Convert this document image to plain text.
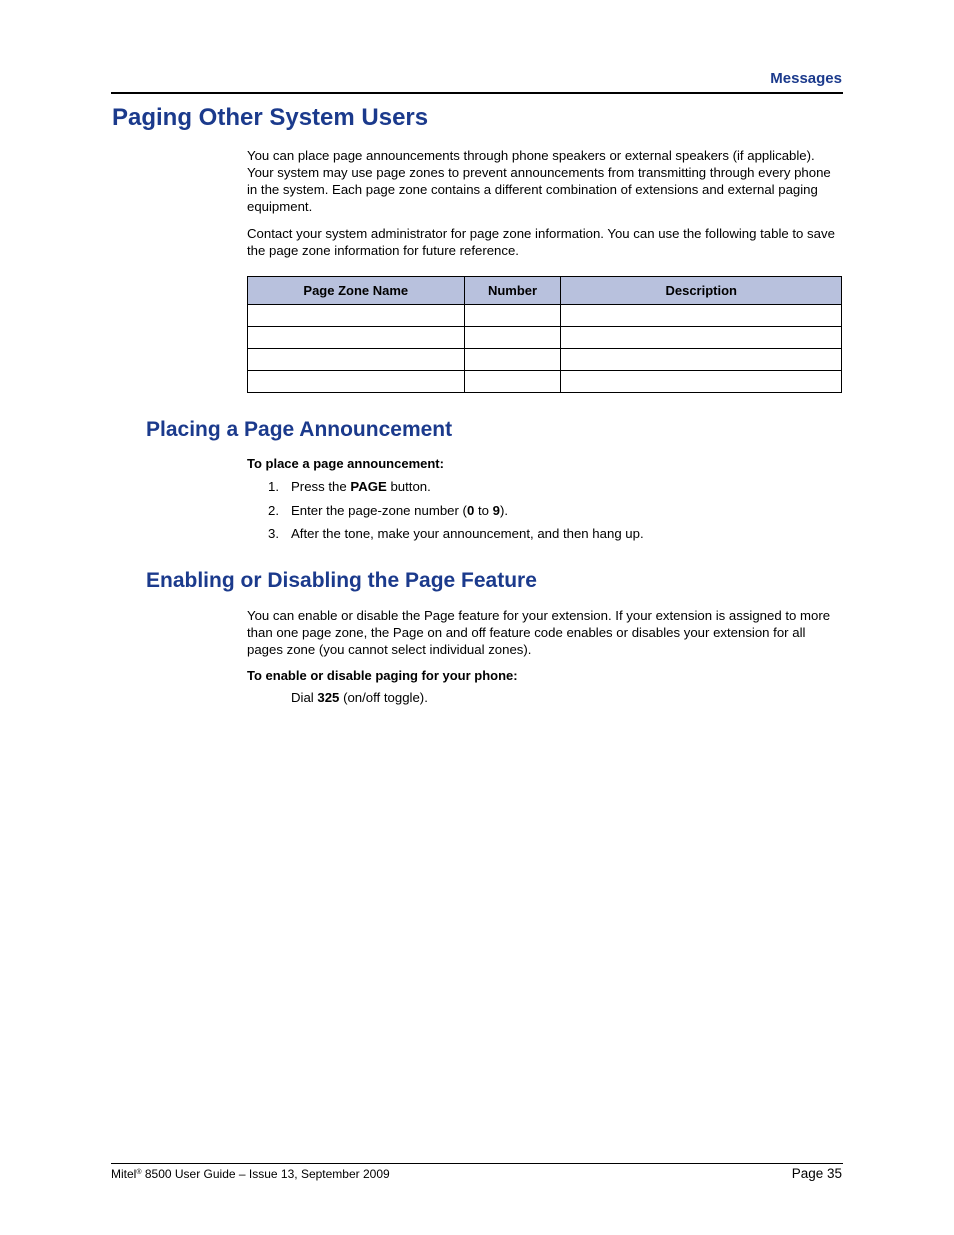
Messages
Paging Other System Users

You can place page announcements through phone speakers or external speakers (if applicable). Your system may use page zones to prevent announcements from transmitting through every phone in the system. Each page zone contains a different combination of extensions and external paging equipment.

Contact your system administrator for page zone information. You can use the following table to save the page zone information for future reference.

Page Zone Name	Number	Description

Placing a Page Announcement

To place a page announcement:

1. Press the PAGE button.
2. Enter the page-zone number (0 to 9).
3. After the tone, make your announcement, and then hang up.
Enabling or Disabling the Page Feature

You can enable or disable the Page feature for your extension. If your extension is assigned to more than one page zone, the Page on and off feature code enables or disables your extension for all pages zone (you cannot select individual zones).

To enable or disable paging for your phone:

Dial 325 (on/off toggle).

Mitel® 8500 User Guide – Issue 13, September 2009	Page 35
